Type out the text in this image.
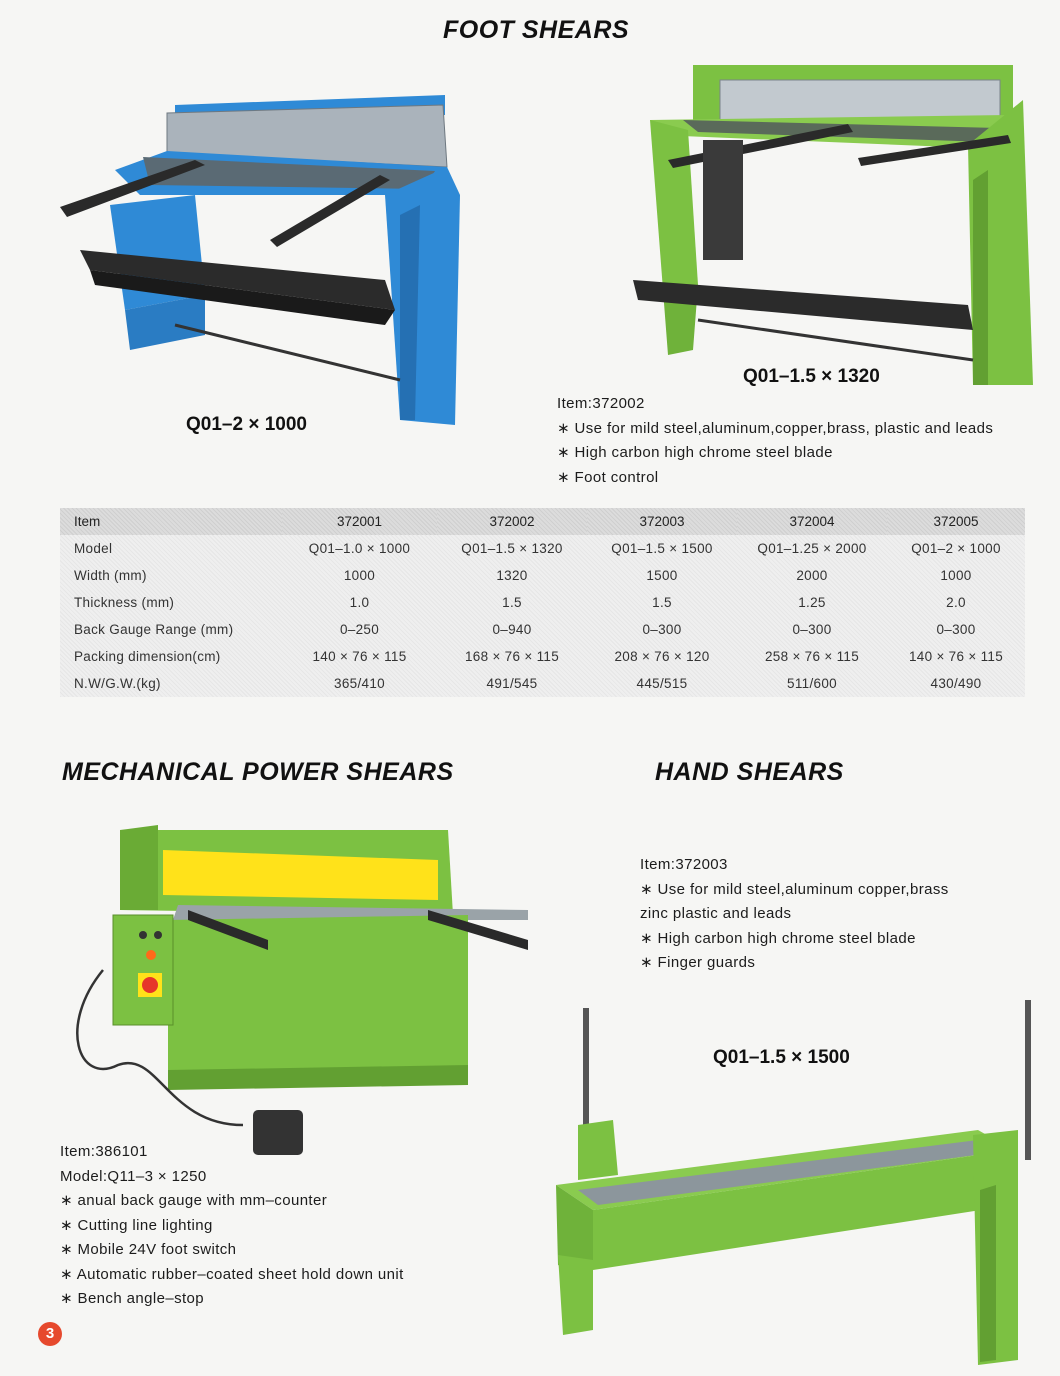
FOOT SHEARS
Q01–2 × 1000
Q01–1.5 × 1320
Item:372002
∗ Use for mild steel,aluminum,copper,brass, plastic and leads
∗ High carbon high chrome steel blade
∗ Foot control
Item	372001	372002	372003	372004	372005
Model	Q01–1.0 × 1000	Q01–1.5 × 1320	Q01–1.5 × 1500	Q01–1.25 × 2000	Q01–2 × 1000
Width (mm)	1000	1320	1500	2000	1000
Thickness (mm)	1.0	1.5	1.5	1.25	2.0
Back Gauge Range (mm)	0–250	0–940	0–300	0–300	0–300
Packing dimension(cm)	140 × 76 × 115	168 × 76 × 115	208 × 76 × 120	258 × 76 × 115	140 × 76 × 115
N.W/G.W.(kg)	365/410	491/545	445/515	511/600	430/490
MECHANICAL POWER SHEARS
Item:386101
Model:Q11–3 × 1250
∗ anual back gauge with mm–counter
∗ Cutting line lighting
∗ Mobile 24V foot switch
∗ Automatic rubber–coated sheet hold down unit
∗ Bench angle–stop
HAND SHEARS
Item:372003
∗ Use for mild steel,aluminum copper,brass
zinc plastic and leads
∗ High carbon high chrome steel blade
∗ Finger guards
Q01–1.5 × 1500
3
